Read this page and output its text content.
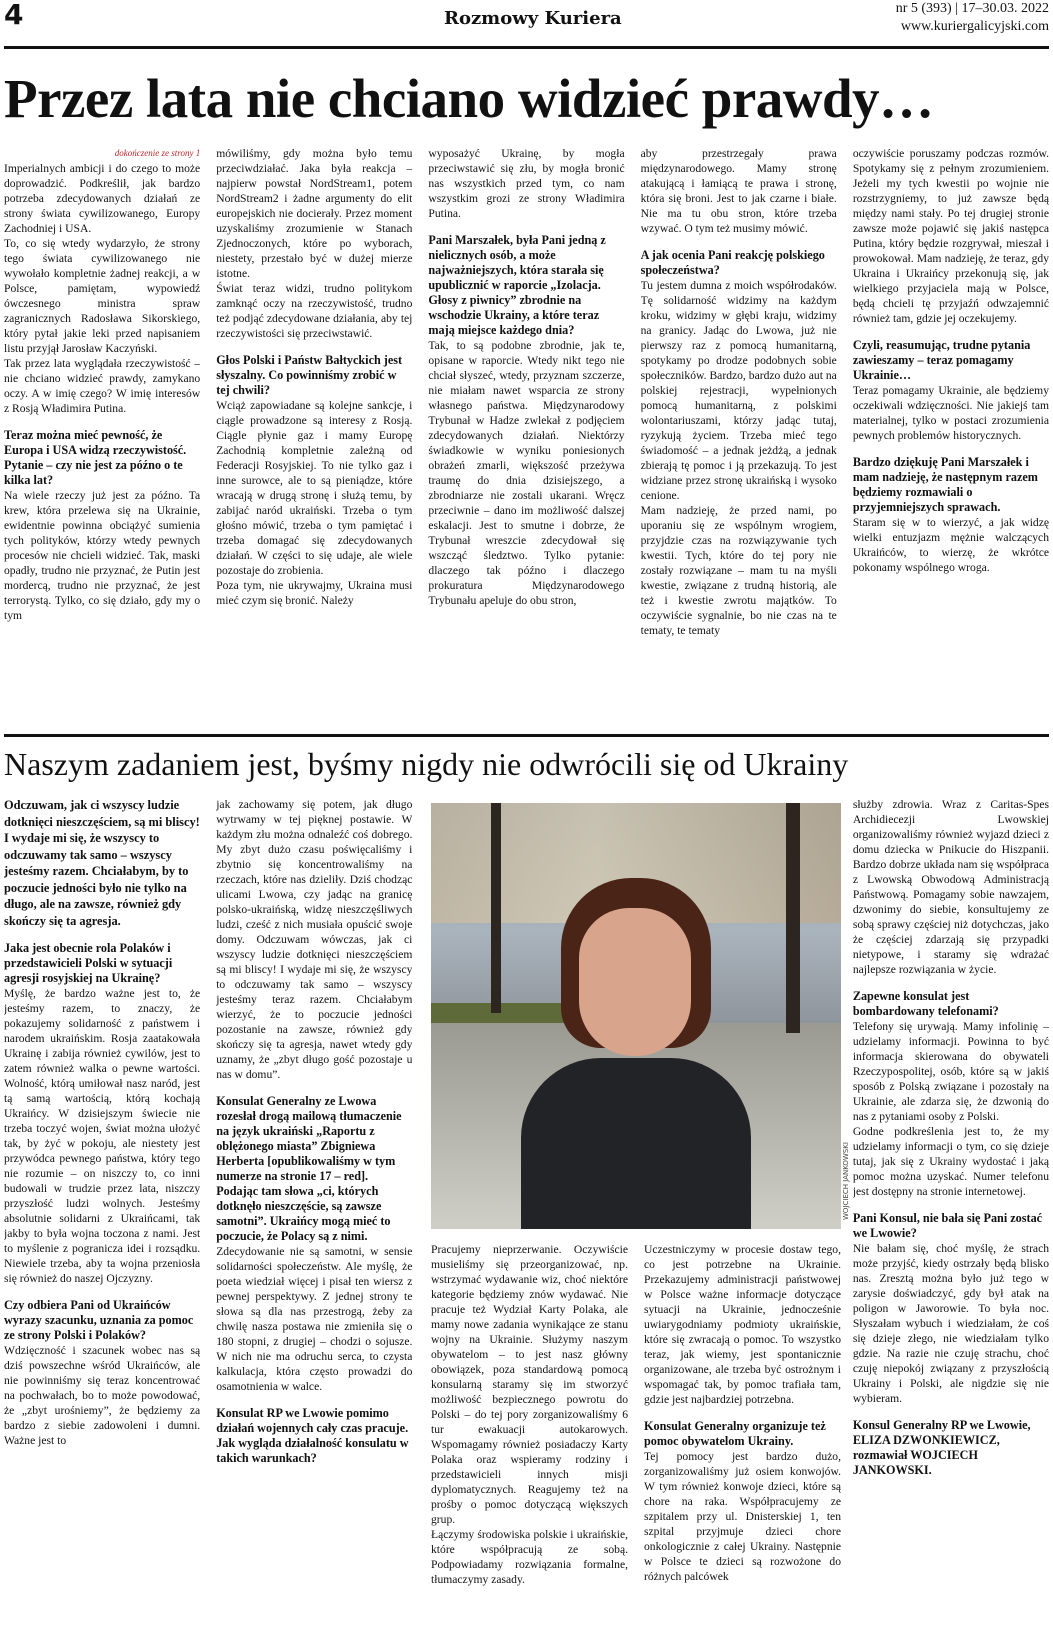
4	Rozmowy Kuriera	nr 5 (393) | 17–30.03. 2022
www.kuriergalicyjski.com
Przez lata nie chciano widzieć prawdy…

dokończenie ze strony 1

Imperialnych ambicji i do czego to może doprowadzić. Podkreślił, jak bardzo potrzeba zdecydowanych działań ze strony świata cywilizowanego, Europy Zachodniej i USA.

To, co się wtedy wydarzyło, że strony tego świata cywilizowanego nie wywołało kompletnie żadnej reakcji, a w Polsce, pamiętam, wypowiedź ówczesnego ministra spraw zagranicznych Radosława Sikorskiego, który pytał jakie leki przed napisaniem listu przyjął Jarosław Kaczyński.

Tak przez lata wyglądała rzeczywistość – nie chciano widzieć prawdy, zamykano oczy. A w imię czego? W imię interesów z Rosją Władimira Putina.

Teraz można mieć pewność, że Europa i USA widzą rzeczywistość. Pytanie – czy nie jest za późno o te kilka lat?

Na wiele rzeczy już jest za późno. Ta krew, która przelewa się na Ukrainie, ewidentnie powinna obciążyć sumienia tych polityków, którzy wtedy pewnych procesów nie chcieli widzieć. Tak, maski opadły, trudno nie przyznać, że Putin jest mordercą, trudno nie przyznać, że jest terrorystą. Tylko, co się działo, gdy my o tym

mówiliśmy, gdy można było temu przeciwdziałać. Jaka była reakcja – najpierw powstał NordStream1, potem NordStream2 i żadne argumenty do elit europejskich nie docierały. Przez moment uzyskaliśmy zrozumienie w Stanach Zjednoczonych, które po wyborach, niestety, przestało być w dużej mierze istotne.

Świat teraz widzi, trudno politykom zamknąć oczy na rzeczywistość, trudno też podjąć zdecydowane działania, aby tej rzeczywistości się przeciwstawić.

Głos Polski i Państw Bałtyckich jest słyszalny. Co powinniśmy zrobić w tej chwili?

Wciąż zapowiadane są kolejne sankcje, i ciągle prowadzone są interesy z Rosją. Ciągle płynie gaz i mamy Europę Zachodnią kompletnie zależną od Federacji Rosyjskiej. To nie tylko gaz i inne surowce, ale to są pieniądze, które wracają w drugą stronę i służą temu, by zabijać naród ukraiński. Trzeba o tym głośno mówić, trzeba o tym pamiętać i trzeba domagać się zdecydowanych działań. W części to się udaje, ale wiele pozostaje do zrobienia.

Poza tym, nie ukrywajmy, Ukraina musi mieć czym się bronić. Należy

wyposażyć Ukrainę, by mogła przeciwstawić się złu, by mogła bronić nas wszystkich przed tym, co nam wszystkim grozi ze strony Władimira Putina.

Pani Marszałek, była Pani jedną z nielicznych osób, a może najważniejszych, która starała się upublicznić w raporcie „Izolacja. Głosy z piwnicy” zbrodnie na wschodzie Ukrainy, a które teraz mają miejsce każdego dnia?

Tak, to są podobne zbrodnie, jak te, opisane w raporcie. Wtedy nikt tego nie chciał słyszeć, wtedy, przyznam szczerze, nie miałam nawet wsparcia ze strony własnego państwa. Międzynarodowy Trybunał w Hadze zwlekał z podjęciem zdecydowanych działań. Niektórzy świadkowie w wyniku poniesionych obrażeń zmarli, większość przeżywa traumę do dnia dzisiejszego, a zbrodniarze nie zostali ukarani. Wręcz przeciwnie – dano im możliwość dalszej eskalacji. Jest to smutne i dobrze, że Trybunał wreszcie zdecydował się wszcząć śledztwo. Tylko pytanie: dlaczego tak późno i dlaczego prokuratura Międzynarodowego Trybunału apeluje do obu stron,

aby przestrzegały prawa międzynarodowego. Mamy stronę atakującą i łamiącą te prawa i stronę, która się broni. Jest to jak czarne i białe. Nie ma tu obu stron, które trzeba wzywać. O tym też musimy mówić.

A jak ocenia Pani reakcję polskiego społeczeństwa?

Tu jestem dumna z moich współrodaków. Tę solidarność widzimy na każdym kroku, widzimy w głębi kraju, widzimy na granicy. Jadąc do Lwowa, już nie pierwszy raz z pomocą humanitarną, spotykamy po drodze podobnych sobie społeczników. Bardzo, bardzo dużo aut na polskiej rejestracji, wypełnionych pomocą humanitarną, z polskimi wolontariuszami, którzy jadąc tutaj, ryzykują życiem. Trzeba mieć tego świadomość – a jednak jeżdżą, a jednak zbierają tę pomoc i ją przekazują. To jest widziane przez stronę ukraińską i wysoko cenione.

Mam nadzieję, że przed nami, po uporaniu się ze wspólnym wrogiem, przyjdzie czas na rozwiązywanie tych kwestii. Tych, które do tej pory nie zostały rozwiązane – mam tu na myśli kwestie, związane z trudną historią, ale też i kwestie zwrotu majątków. To oczywiście sygnalnie, bo nie czas na te tematy, te tematy

oczywiście poruszamy podczas rozmów. Spotykamy się z pełnym zrozumieniem. Jeżeli my tych kwestii po wojnie nie rozstrzygniemy, to już zawsze będą między nami stały. Po tej drugiej stronie zawsze może pojawić się jakiś następca Putina, który będzie rozgrywał, mieszał i prowokował. Mam nadzieję, że teraz, gdy Ukraina i Ukraińcy przekonują się, jak wielkiego przyjaciela mają w Polsce, będą chcieli tę przyjaźń odwzajemnić również tam, gdzie jej oczekujemy.

Czyli, reasumując, trudne pytania zawieszamy – teraz pomagamy Ukrainie…

Teraz pomagamy Ukrainie, ale będziemy oczekiwali wdzięczności. Nie jakiejś tam materialnej, tylko w postaci zrozumienia pewnych problemów historycznych.

Bardzo dziękuję Pani Marszałek i mam nadzieję, że następnym razem będziemy rozmawiali o przyjemniejszych sprawach.

Staram się w to wierzyć, a jak widzę wielki entuzjazm mężnie walczących Ukraińców, to wierzę, że wkrótce pokonamy wspólnego wroga.

Naszym zadaniem jest, byśmy nigdy nie odwrócili się od Ukrainy

Odczuwam, jak ci wszyscy ludzie dotknięci nieszczęściem, są mi bliscy! I wydaje mi się, że wszyscy to odczuwamy tak samo – wszyscy jesteśmy razem. Chciałabym, by to poczucie jedności było nie tylko na długo, ale na zawsze, również gdy skończy się ta agresja.

Jaka jest obecnie rola Polaków i przedstawicieli Polski w sytuacji agresji rosyjskiej na Ukrainę?

Myślę, że bardzo ważne jest to, że jesteśmy razem, to znaczy, że pokazujemy solidarność z państwem i narodem ukraińskim. Rosja zaatakowała Ukrainę i zabija również cywilów, jest to zatem również walka o pewne wartości. Wolność, którą umiłował nasz naród, jest tą samą wartością, którą kochają Ukraińcy. W dzisiejszym świecie nie trzeba toczyć wojen, świat można ułożyć tak, by żyć w pokoju, ale niestety jest przywódca pewnego państwa, który tego nie rozumie – on niszczy to, co inni budowali w trudzie przez lata, niszczy przyszłość ludzi wolnych. Jesteśmy absolutnie solidarni z Ukraińcami, tak jakby to była wojna toczona z nami. Jest to myślenie z pogranicza idei i rozsądku. Niewiele trzeba, aby ta wojna przeniosła się również do naszej Ojczyzny.

Czy odbiera Pani od Ukraińców wyrazy szacunku, uznania za pomoc ze strony Polski i Polaków?

Wdzięczność i szacunek wobec nas są dziś powszechne wśród Ukraińców, ale nie powinniśmy się teraz koncentrować na pochwałach, bo to może powodować, że „zbyt urośniemy”, że będziemy za bardzo z siebie zadowoleni i dumni. Ważne jest to

jak zachowamy się potem, jak długo wytrwamy w tej pięknej postawie. W każdym złu można odnaleźć coś dobrego. My zbyt dużo czasu poświęcaliśmy i zbytnio się koncentrowaliśmy na rzeczach, które nas dzieliły. Dziś chodząc ulicami Lwowa, czy jadąc na granicę polsko-ukraińską, widzę nieszczęśliwych ludzi, cześć z nich musiała opuścić swoje domy. Odczuwam wówczas, jak ci wszyscy ludzie dotknięci nieszczęściem są mi bliscy! I wydaje mi się, że wszyscy to odczuwamy tak samo – wszyscy jesteśmy teraz razem. Chciałabym wierzyć, że to poczucie jedności pozostanie na zawsze, również gdy skończy się ta agresja, nawet wtedy gdy uznamy, że „zbyt długo gość pozostaje u nas w domu”.

Konsulat Generalny ze Lwowa rozesłał drogą mailową tłumaczenie na język ukraiński „Raportu z oblężonego miasta” Zbigniewa Herberta [opublikowaliśmy w tym numerze na stronie 17 – red]. Podając tam słowa „ci, których dotknęło nieszczęście, są zawsze samotni”. Ukraińcy mogą mieć to poczucie, że Polacy są z nimi.

Zdecydowanie nie są samotni, w sensie solidarności społeczeństw. Ale myślę, że poeta wiedział więcej i pisał ten wiersz z pewnej perspektywy. Z jednej strony te słowa są dla nas przestrogą, żeby za chwilę nasza postawa nie zmieniła się o 180 stopni, z drugiej – chodzi o sojusze. W nich nie ma odruchu serca, to czysta kalkulacja, która często prowadzi do osamotnienia w walce.

Konsulat RP we Lwowie pomimo działań wojennych cały czas pracuje. Jak wygląda działalność konsulatu w takich warunkach?

służby zdrowia. Wraz z Caritas-Spes Archidiecezji Lwowskiej organizowaliśmy również wyjazd dzieci z domu dziecka w Pnikucie do Hiszpanii. Bardzo dobrze układa nam się współpraca z Lwowską Obwodową Administracją Państwową. Pomagamy sobie nawzajem, dzwonimy do siebie, konsultujemy ze sobą sprawy częściej niż dotychczas, jako że częściej zdarzają się przypadki nietypowe, i staramy się wdrażać najlepsze rozwiązania w życie.

Zapewne konsulat jest bombardowany telefonami?

Telefony się urywają. Mamy infolinię – udzielamy informacji. Powinna to być informacja skierowana do obywateli Rzeczypospolitej, osób, które są w jakiś sposób z Polską związane i pozostały na Ukrainie, ale zdarza się, że dzwonią do nas z pytaniami osoby z Polski.

Godne podkreślenia jest to, że my udzielamy informacji o tym, co się dzieje tutaj, jak się z Ukrainy wydostać i jaką pomoc można uzyskać. Numer telefonu jest dostępny na stronie internetowej.

Pani Konsul, nie bała się Pani zostać we Lwowie?

Nie bałam się, choć myślę, że strach może przyjść, kiedy ostrzały będą blisko nas. Zresztą można było już tego w zarysie doświadczyć, gdy był atak na poligon w Jaworowie. To była noc. Słyszałam wybuch i wiedziałam, że coś się dzieje złego, nie wiedziałam tylko gdzie. Na razie nie czuję strachu, choć czuję niepokój związany z przyszłością Ukrainy i Polski, ale nigdzie się nie wybieram.

Konsul Generalny RP we Lwowie, ELIZA DZWONKIEWICZ, rozmawiał WOJCIECH JANKOWSKI.

Pracujemy nieprzerwanie. Oczywiście musieliśmy się przeorganizować, np. wstrzymać wydawanie wiz, choć niektóre kategorie będziemy znów wydawać. Nie pracuje też Wydział Karty Polaka, ale mamy nowe zadania wynikające ze stanu wojny na Ukrainie. Służymy naszym obywatelom – to jest nasz główny obowiązek, poza standardową pomocą konsularną staramy się im stworzyć możliwość bezpiecznego powrotu do Polski – do tej pory zorganizowaliśmy 6 tur ewakuacji autokarowych. Wspomagamy również posiadaczy Karty Polaka oraz wspieramy rodziny i przedstawicieli innych misji dyplomatycznych. Reagujemy też na prośby o pomoc dotyczącą większych grup.

Łączymy środowiska polskie i ukraińskie, które współpracują ze sobą. Podpowiadamy rozwiązania formalne, tłumaczymy zasady.

Uczestniczymy w procesie dostaw tego, co jest potrzebne na Ukrainie. Przekazujemy administracji państwowej w Polsce ważne informacje dotyczące sytuacji na Ukrainie, jednocześnie uwiarygodniamy podmioty ukraińskie, które się zwracają o pomoc. To wszystko teraz, jak wiemy, jest spontanicznie organizowane, ale trzeba być ostrożnym i wspomagać tak, by pomoc trafiała tam, gdzie jest najbardziej potrzebna.

Konsulat Generalny organizuje też pomoc obywatelom Ukrainy.

Tej pomocy jest bardzo dużo, zorganizowaliśmy już osiem konwojów. W tym również konwoje dzieci, które są chore na raka. Współpracujemy ze szpitalem przy ul. Dnisterskiej 1, ten szpital przyjmuje dzieci chore onkologicznie z całej Ukrainy. Następnie w Polsce te dzieci są rozwożone do różnych palcówek

WOJCIECH JANKOWSKI
